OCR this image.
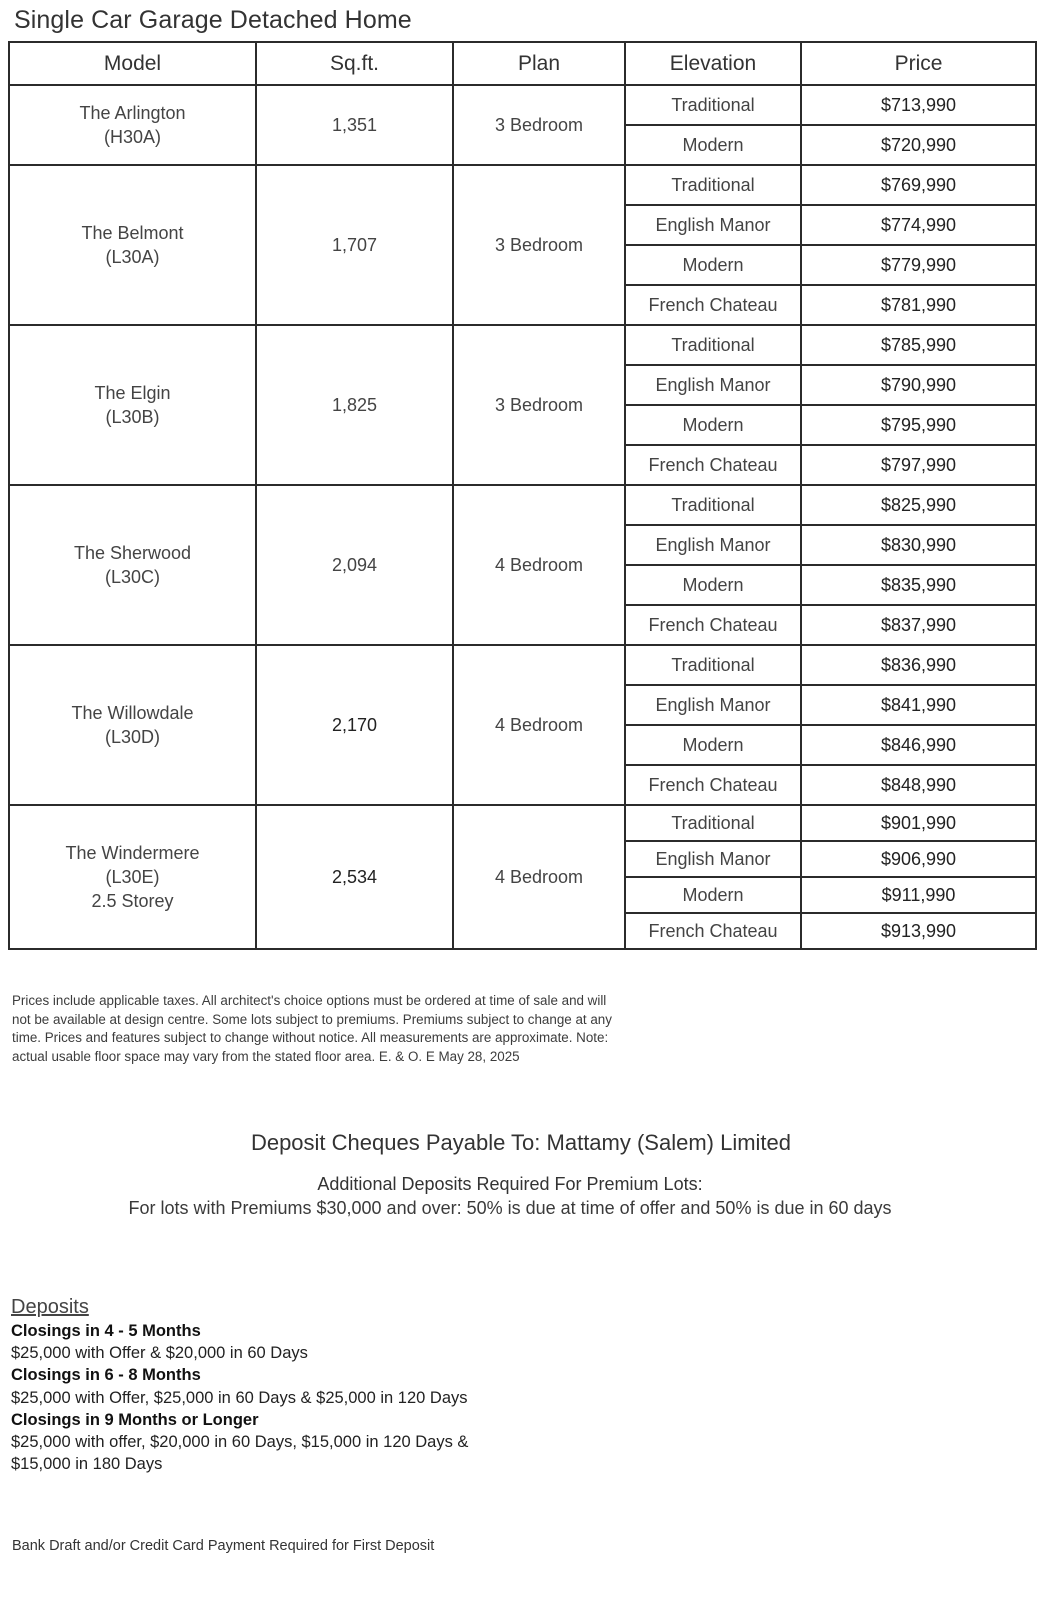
Single Car Garage Detached Home
Model	Sq.ft.	Plan	Elevation	Price

The Arlington
(H30A)	1,351	3 Bedroom	Traditional	$713,990
			Modern	$720,990

The Belmont
(L30A)	1,707	3 Bedroom	Traditional	$769,990
			English Manor	$774,990
			Modern	$779,990
			French Chateau	$781,990

The Elgin
(L30B)	1,825	3 Bedroom	Traditional	$785,990
			English Manor	$790,990
			Modern	$795,990
			French Chateau	$797,990

The Sherwood
(L30C)	2,094	4 Bedroom	Traditional	$825,990
			English Manor	$830,990
			Modern	$835,990
			French Chateau	$837,990

The Willowdale
(L30D)	2,170	4 Bedroom	Traditional	$836,990
			English Manor	$841,990
			Modern	$846,990
			French Chateau	$848,990

The Windermere
(L30E)
2.5 Storey	2,534	4 Bedroom	Traditional	$901,990
			English Manor	$906,990
			Modern	$911,990
			French Chateau	$913,990
Prices include applicable taxes. All architect's choice options must be ordered at time of sale and will not be available at design centre. Some lots subject to premiums. Premiums subject to change at any time. Prices and features subject to change without notice. All measurements are approximate. Note: actual usable floor space may vary from the stated floor area. E. & O. E May 28, 2025
Deposit Cheques Payable To: Mattamy (Salem) Limited
Additional Deposits Required For Premium Lots:
For lots with Premiums $30,000 and over: 50% is due at time of offer and 50% is due in 60 days
Deposits
Closings in 4 - 5 Months
$25,000 with Offer & $20,000 in 60 Days
Closings in 6 - 8 Months
$25,000 with Offer, $25,000 in 60 Days & $25,000 in 120 Days
Closings in 9 Months or Longer
$25,000 with offer, $20,000 in 60 Days, $15,000 in 120 Days & $15,000 in 180 Days
Bank Draft and/or Credit Card Payment Required for First Deposit
